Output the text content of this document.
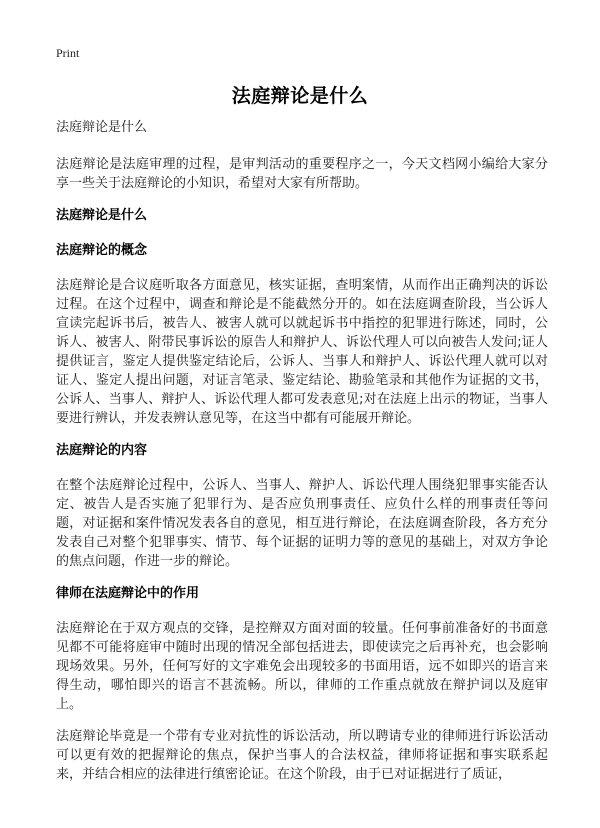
Print
法庭辩论是什么

法庭辩论是什么

法庭辩论是法庭审理的过程，是审判活动的重要程序之一，今天文档网小编给大家分享一些关于法庭辩论的小知识，希望对大家有所帮助。

法庭辩论是什么

法庭辩论的概念

法庭辩论是合议庭听取各方面意见，核实证据，查明案情，从而作出正确判决的诉讼过程。在这个过程中，调查和辩论是不能截然分开的。如在法庭调查阶段，当公诉人宣读完起诉书后，被告人、被害人就可以就起诉书中指控的犯罪进行陈述，同时，公诉人、被害人、附带民事诉讼的原告人和辩护人、诉讼代理人可以向被告人发问;证人提供证言，鉴定人提供鉴定结论后，公诉人、当事人和辩护人、诉讼代理人就可以对证人、鉴定人提出问题，对证言笔录、鉴定结论、勘验笔录和其他作为证据的文书，公诉人、当事人、辩护人、诉讼代理人都可发表意见;对在法庭上出示的物证，当事人要进行辨认，并发表辨认意见等，在这当中都有可能展开辩论。

法庭辩论的内容

在整个法庭辩论过程中，公诉人、当事人、辩护人、诉讼代理人围绕犯罪事实能否认定、被告人是否实施了犯罪行为、是否应负刑事责任、应负什么样的刑事责任等问题，对证据和案件情况发表各自的意见，相互进行辩论，在法庭调查阶段，各方充分发表自己对整个犯罪事实、情节、每个证据的证明力等的意见的基础上，对双方争论的焦点问题，作进一步的辩论。

律师在法庭辩论中的作用

法庭辩论在于双方观点的交锋，是控辩双方面对面的较量。任何事前准备好的书面意见都不可能将庭审中随时出现的情况全部包括进去，即使读完之后再补充，也会影响现场效果。另外，任何写好的文字难免会出现较多的书面用语，远不如即兴的语言来得生动，哪怕即兴的语言不甚流畅。所以，律师的工作重点就放在辩护词以及庭审上。

法庭辩论毕竟是一个带有专业对抗性的诉讼活动，所以聘请专业的律师进行诉讼活动可以更有效的把握辩论的焦点，保护当事人的合法权益，律师将证据和事实联系起来，并结合相应的法律进行缜密论证。在这个阶段，由于已对证据进行了质证，
